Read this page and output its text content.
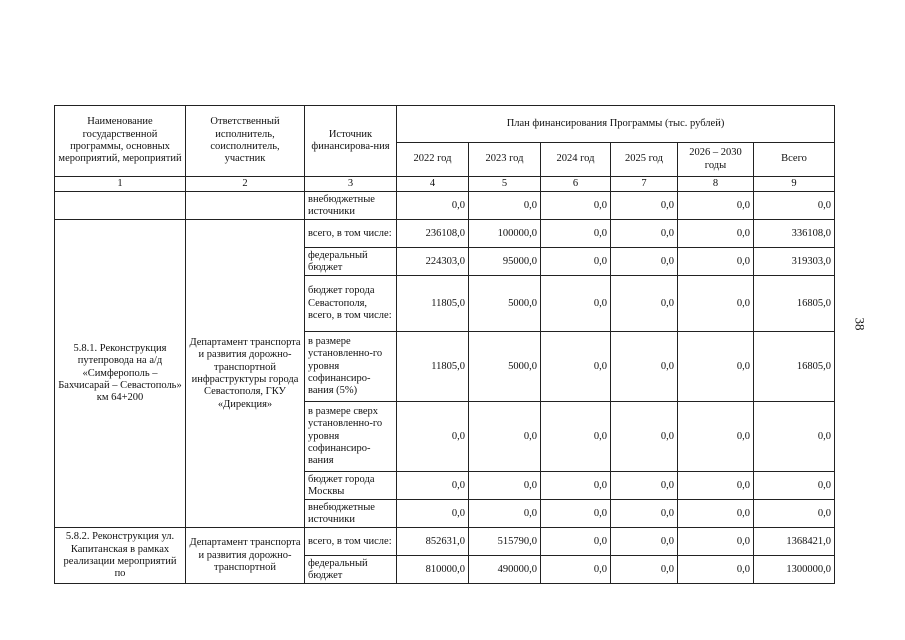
38
Наименование государственной программы, основных мероприятий, мероприятий	Ответственный исполнитель, соисполнитель, участник	Источник финансирова-ния	План финансирования Программы (тыс. рублей)					
			2022 год	2023 год	2024 год	2025 год	2026 – 2030 годы	Всего
1	2	3	4	5	6	7	8	9
		внебюджетные источники	0,0	0,0	0,0	0,0	0,0	0,0
5.8.1. Реконструкция путепровода на а/д «Симферополь – Бахчисарай – Севастополь» км 64+200	Департамент транспорта и развития дорожно-транспортной инфраструктуры города Севастополя, ГКУ «Дирекция»	всего, в том числе:	236108,0	100000,0	0,0	0,0	0,0	336108,0
		федеральный бюджет	224303,0	95000,0	0,0	0,0	0,0	319303,0
		бюджет города Севастополя, всего, в том числе:	11805,0	5000,0	0,0	0,0	0,0	16805,0
		в размере установленно-го уровня софинансиро-вания (5%)	11805,0	5000,0	0,0	0,0	0,0	16805,0
		в размере сверх установленно-го уровня софинансиро-вания	0,0	0,0	0,0	0,0	0,0	0,0
		бюджет города Москвы	0,0	0,0	0,0	0,0	0,0	0,0
		внебюджетные источники	0,0	0,0	0,0	0,0	0,0	0,0
5.8.2. Реконструкция ул. Капитанская в рамках реализации мероприятий по	Департамент транспорта и развития дорожно-транспортной	всего, в том числе:	852631,0	515790,0	0,0	0,0	0,0	1368421,0
		федеральный бюджет	810000,0	490000,0	0,0	0,0	0,0	1300000,0
